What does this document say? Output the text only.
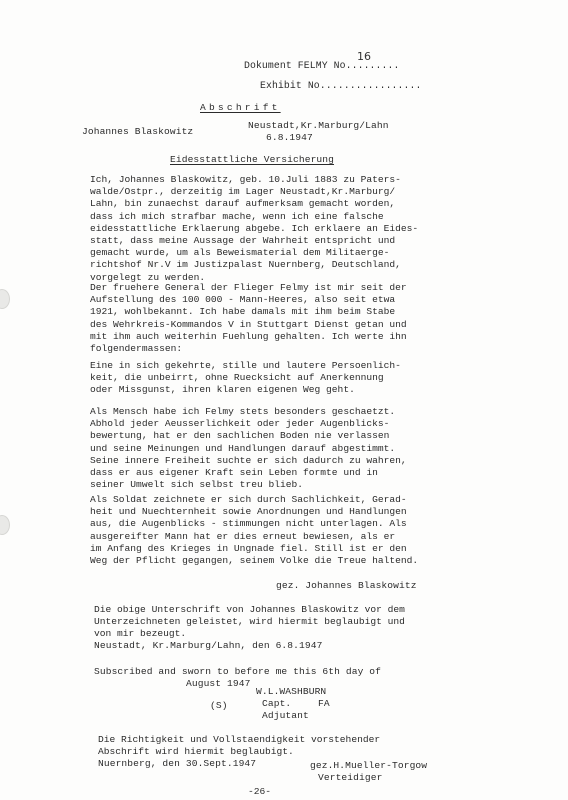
Dokument FELMY No.........
16
Exhibit No.................
Abschrift
Johannes Blaskowitz
Neustadt,Kr.Marburg/Lahn
6.8.1947
Eidesstattliche Versicherung
Ich, Johannes Blaskowitz, geb. 10.Juli 1883 zu Paters-
walde/Ostpr., derzeitig im Lager Neustadt,Kr.Marburg/
Lahn, bin zunaechst darauf aufmerksam gemacht worden,
dass ich mich strafbar mache, wenn ich eine falsche
eidesstattliche Erklaerung abgebe. Ich erklaere an Eides-
statt, dass meine Aussage der Wahrheit entspricht und
gemacht wurde, um als Beweismaterial dem Militaerge-
richtshof Nr.V im Justizpalast Nuernberg, Deutschland,
vorgelegt zu werden.
Der fruehere General der Flieger Felmy ist mir seit der
Aufstellung des 100 000 - Mann-Heeres, also seit etwa
1921, wohlbekannt. Ich habe damals mit ihm beim Stabe
des Wehrkreis-Kommandos V in Stuttgart Dienst getan und
mit ihm auch weiterhin Fuehlung gehalten. Ich werte ihn
folgendermassen:
Eine in sich gekehrte, stille und lautere Persoenlich-
keit, die unbeirrt, ohne Ruecksicht auf Anerkennung
oder Missgunst, ihren klaren eigenen Weg geht.
Als Mensch habe ich Felmy stets besonders geschaetzt.
Abhold jeder Aeusserlichkeit oder jeder Augenblicks-
bewertung, hat er den sachlichen Boden nie verlassen
und seine Meinungen und Handlungen darauf abgestimmt.
Seine innere Freiheit suchte er sich dadurch zu wahren,
dass er aus eigener Kraft sein Leben formte und in
seiner Umwelt sich selbst treu blieb.
Als Soldat zeichnete er sich durch Sachlichkeit, Gerad-
heit und Nuechternheit sowie Anordnungen und Handlungen
aus, die Augenblicks - stimmungen nicht unterlagen. Als
ausgereifter Mann hat er dies erneut bewiesen, als er
im Anfang des Krieges in Ungnade fiel. Still ist er den
Weg der Pflicht gegangen, seinem Volke die Treue haltend.
gez. Johannes Blaskowitz
Die obige Unterschrift von Johannes Blaskowitz vor dem
Unterzeichneten geleistet, wird hiermit beglaubigt und
von mir bezeugt.
Neustadt, Kr.Marburg/Lahn, den 6.8.1947
Subscribed and sworn to before me this 6th day of
August 1947
W.L.WASHBURN
(S)	Capt.	FA
Adjutant
Die Richtigkeit und Vollstaendigkeit vorstehender
Abschrift wird hiermit beglaubigt.
Nuernberg, den 30.Sept.1947	gez.H.Mueller-Torgow
Verteidiger
-26-
